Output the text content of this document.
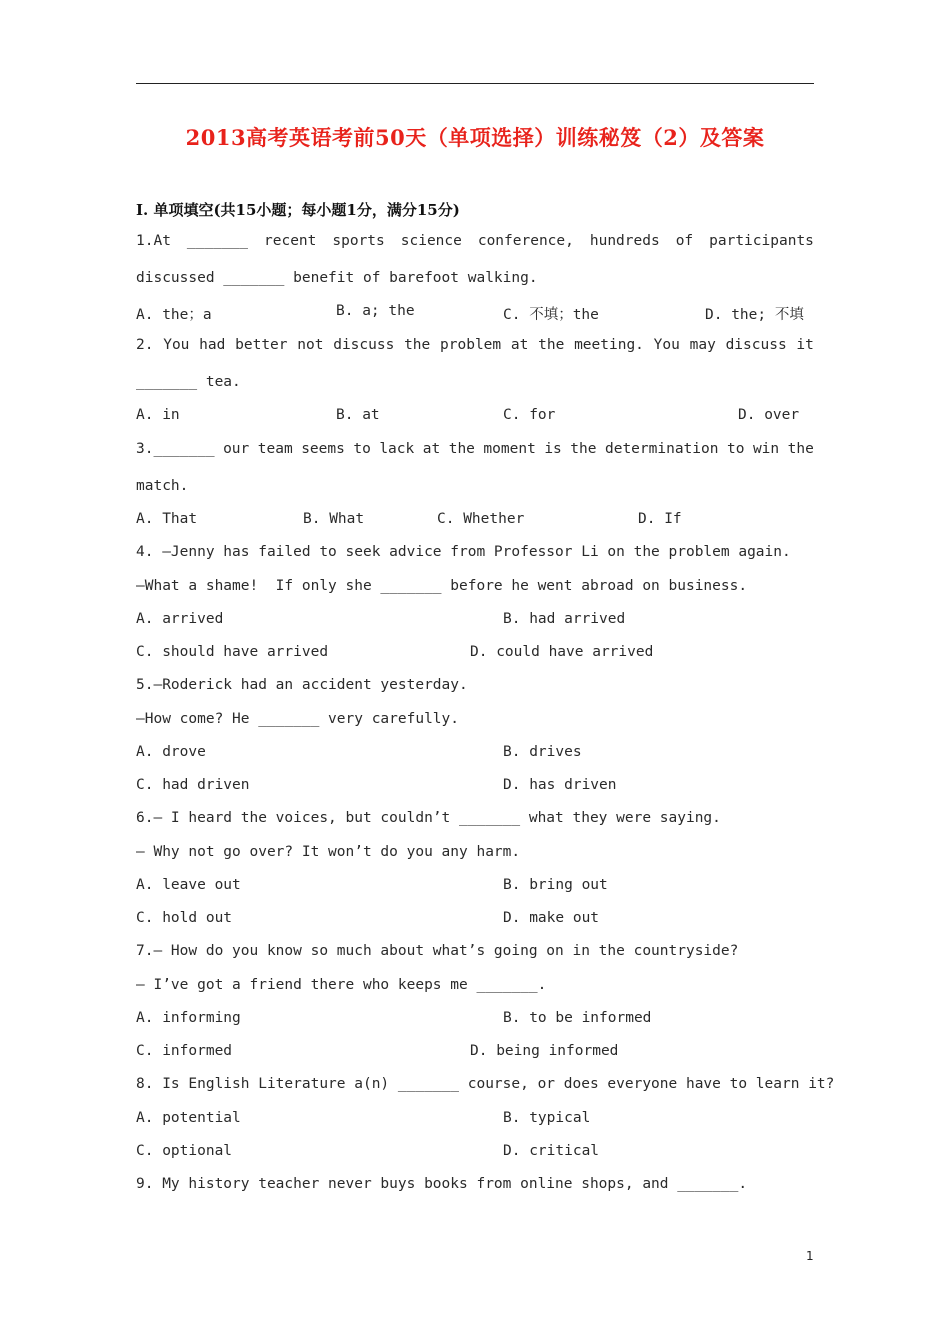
2013高考英语考前50天（单项选择）训练秘笈（2）及答案
Ⅰ. 单项填空(共15小题；每小题1分，满分15分)
1.At _______ recent sports science conference, hundreds of participants
discussed _______ benefit of barefoot walking.
A. the；a	B. a; the	C. 不填；the	D. the; 不填
2. You had better not discuss the problem at the meeting. You may discuss it
_______ tea.
A. in	B. at	C. for	D. over
3._______ our team seems to lack at the moment is the determination to win the
match.
A. That	B. What	C. Whether	D. If
4. —Jenny has failed to seek advice from Professor Li on the problem again.
—What a shame!  If only she _______ before he went abroad on business.
A. arrived	B. had arrived
C. should have arrived	D. could have arrived
5.—Roderick had an accident yesterday.
—How come? He _______ very carefully.
A. drove	B. drives
C. had driven	D. has driven
6.— I heard the voices, but couldn’t _______ what they were saying.
— Why not go over? It won’t do you any harm.
A. leave out	B. bring out
C. hold out	D. make out
7.— How do you know so much about what’s going on in the countryside?
— I’ve got a friend there who keeps me _______.
A. informing	B. to be informed
C. informed	D. being informed
8. Is English Literature a(n) _______ course, or does everyone have to learn it?
A. potential	B. typical
C. optional	D. critical
9. My history teacher never buys books from online shops, and _______.
1
